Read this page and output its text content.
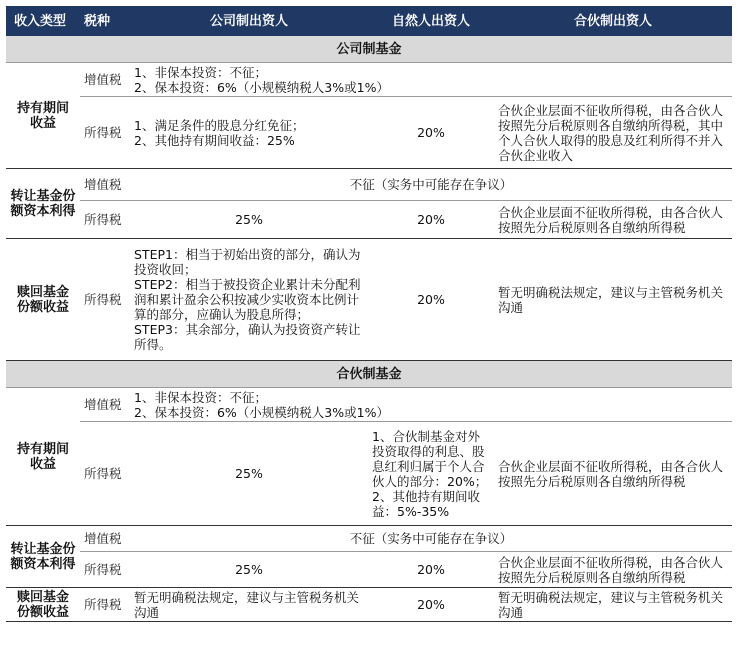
收入类型	税种	公司制出资人	自然人出资人	合伙制出资人
公司制基金				
持有期间
收益	增值税	1、非保本投资：不征；
2、保本投资：6%（小规模纳税人3%或1%）		
	所得税	1、满足条件的股息分红免征；
2、其他持有期间收益：25%	20%	合伙企业层面不征收所得税，由各合伙人按照先分后税原则各自缴纳所得税，其中个人合伙人取得的股息及红利所得不并入合伙企业收入
转让基金份
额资本利得	增值税	不征（实务中可能存在争议）		
	所得税	25%	20%	合伙企业层面不征收所得税，由各合伙人按照先分后税原则各自缴纳所得税
赎回基金
份额收益	所得税	STEP1：相当于初始出资的部分，确认为投资收回；
STEP2：相当于被投资企业累计未分配利润和累计盈余公积按减少实收资本比例计算的部分，应确认为股息所得；
STEP3：其余部分，确认为投资资产转让所得。	20%	暂无明确税法规定，建议与主管税务机关沟通
合伙制基金				
持有期间
收益	增值税	1、非保本投资：不征；
2、保本投资：6%（小规模纳税人3%或1%）		
	所得税	25%	1、合伙制基金对外投资取得的利息、股息红利归属于个人合伙人的部分：20%；
2、其他持有期间收益：5%-35%	合伙企业层面不征收所得税，由各合伙人按照先分后税原则各自缴纳所得税
转让基金份
额资本利得	增值税	不征（实务中可能存在争议）		
	所得税	25%	20%	合伙企业层面不征收所得税，由各合伙人按照先分后税原则各自缴纳所得税
赎回基金
份额收益	所得税	暂无明确税法规定，建议与主管税务机关沟通	20%	暂无明确税法规定，建议与主管税务机关沟通
